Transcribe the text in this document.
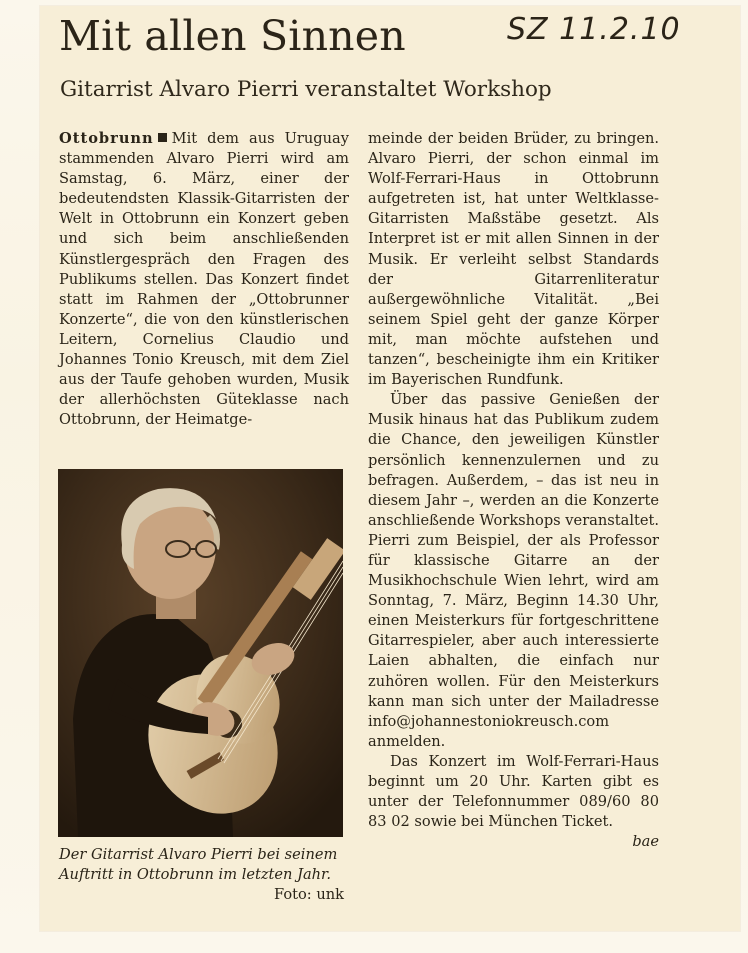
Mit allen Sinnen	SZ 11.2.10
Gitarrist Alvaro Pierri veranstaltet Workshop

Ottobrunn Mit dem aus Uruguay stammenden Alvaro Pierri wird am Samstag, 6. März, einer der bedeutendsten Klassik-Gitarristen der Welt in Ottobrunn ein Konzert geben und sich beim anschließenden Künstlergespräch den Fragen des Publikums stellen. Das Konzert findet statt im Rahmen der „Ottobrunner Konzerte“, die von den künstlerischen Leitern, Cornelius Claudio und Johannes Tonio Kreusch, mit dem Ziel aus der Taufe gehoben wurden, Musik der allerhöchsten Güteklasse nach Ottobrunn, der Heimatge-

Der Gitarrist Alvaro Pierri bei seinem Auftritt in Ottobrunn im letzten Jahr.
Foto: unk

meinde der beiden Brüder, zu bringen. Alvaro Pierri, der schon einmal im Wolf-Ferrari-Haus in Ottobrunn aufgetreten ist, hat unter Weltklasse-Gitarristen Maßstäbe gesetzt. Als Interpret ist er mit allen Sinnen in der Musik. Er verleiht selbst Standards der Gitarrenliteratur außergewöhnliche Vitalität. „Bei seinem Spiel geht der ganze Körper mit, man möchte aufstehen und tanzen“, bescheinigte ihm ein Kritiker im Bayerischen Rundfunk.

Über das passive Genießen der Musik hinaus hat das Publikum zudem die Chance, den jeweiligen Künstler persönlich kennenzulernen und zu befragen. Außerdem, – das ist neu in diesem Jahr –, werden an die Konzerte anschließende Workshops veranstaltet. Pierri zum Beispiel, der als Professor für klassische Gitarre an der Musikhochschule Wien lehrt, wird am Sonntag, 7. März, Beginn 14.30 Uhr, einen Meisterkurs für fortgeschrittene Gitarrespieler, aber auch interessierte Laien abhalten, die einfach nur zuhören wollen. Für den Meisterkurs kann man sich unter der Mailadresse info@johannestoniokreusch.com anmelden.

Das Konzert im Wolf-Ferrari-Haus beginnt um 20 Uhr. Karten gibt es unter der Telefonnummer 089/60 80 83 02 sowie bei München Ticket.

bae
